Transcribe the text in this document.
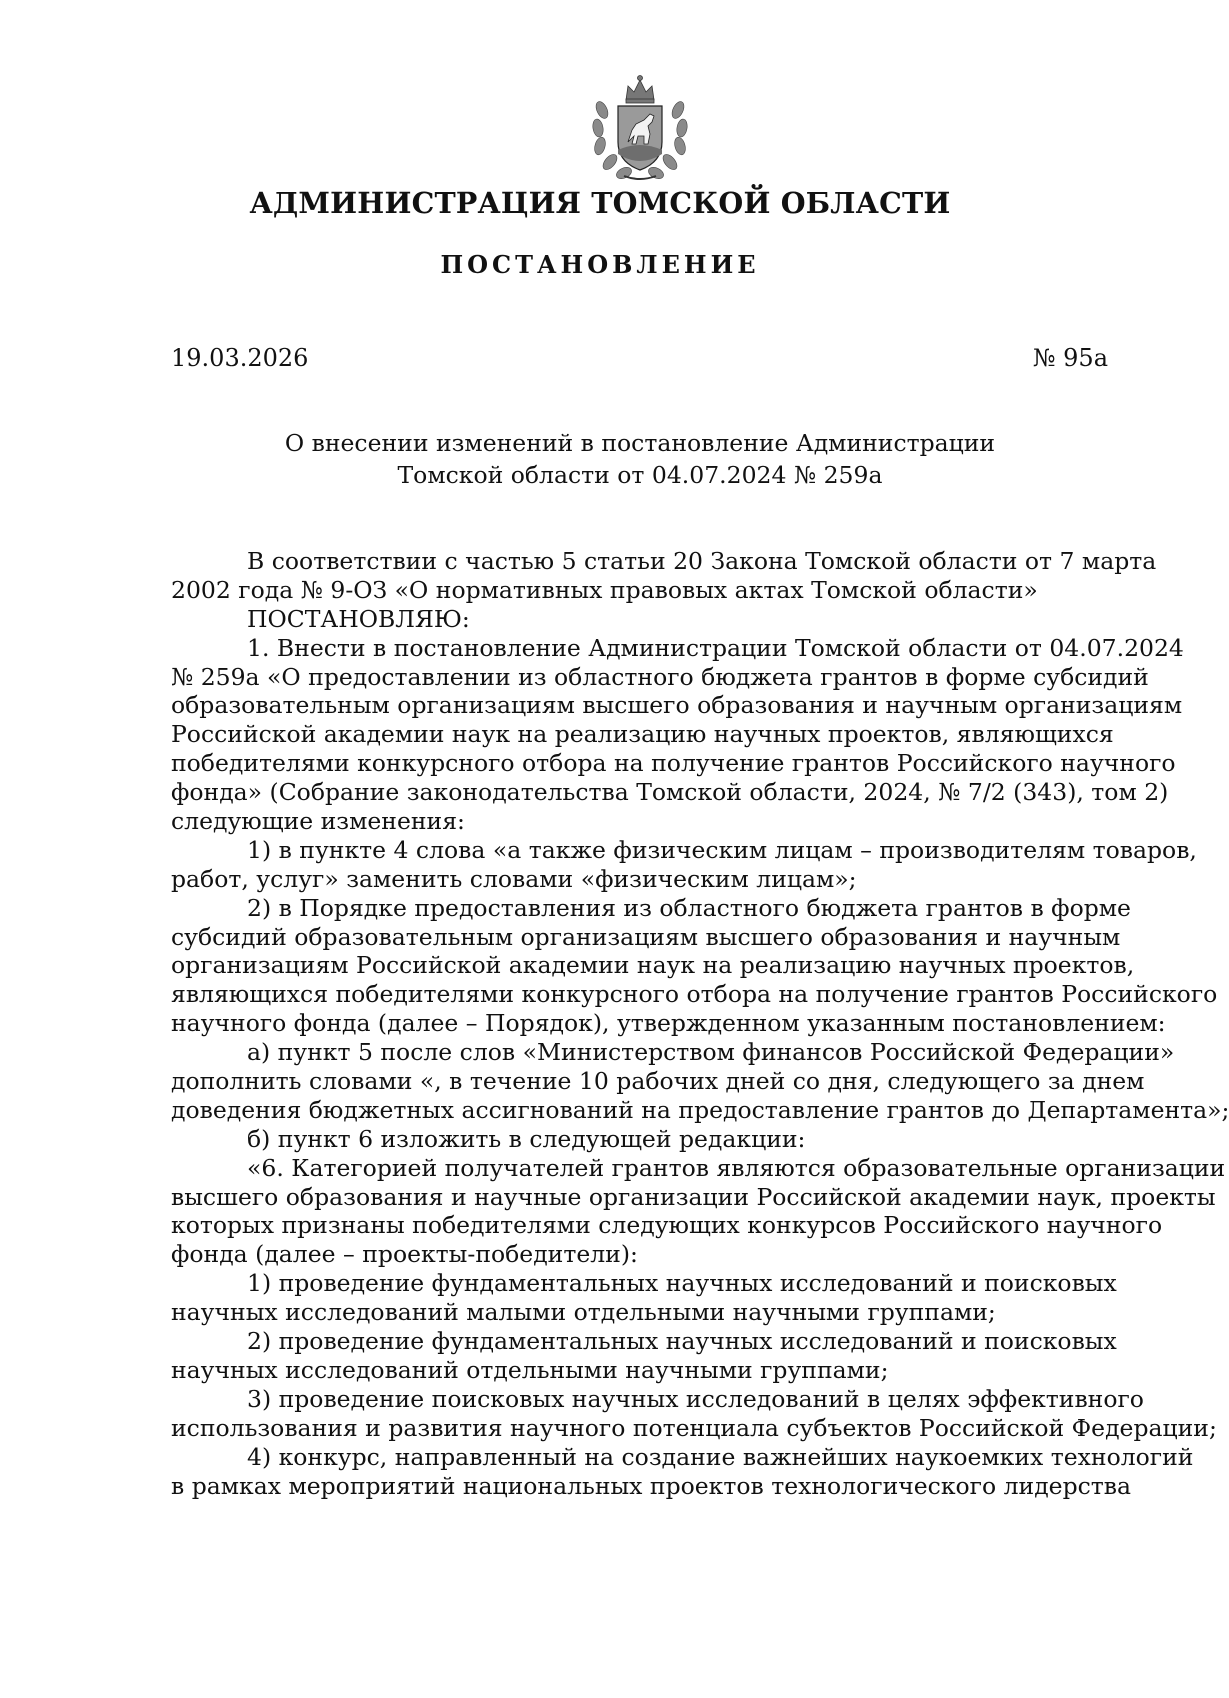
АДМИНИСТРАЦИЯ ТОМСКОЙ ОБЛАСТИ
ПОСТАНОВЛЕНИЕ
19.03.2026	№ 95а
О внесении изменений в постановление Администрации
Томской области от 04.07.2024 № 259а
В соответствии с частью 5 статьи 20 Закона Томской области от 7 марта
2002 года № 9-ОЗ «О нормативных правовых актах Томской области»
ПОСТАНОВЛЯЮ:
1. Внести в постановление Администрации Томской области от 04.07.2024
№ 259а «О предоставлении из областного бюджета грантов в форме субсидий
образовательным организациям высшего образования и научным организациям
Российской академии наук на реализацию научных проектов, являющихся
победителями конкурсного отбора на получение грантов Российского научного
фонда» (Собрание законодательства Томской области, 2024, № 7/2 (343), том 2)
следующие изменения:
1) в пункте 4 слова «а также физическим лицам – производителям товаров,
работ, услуг» заменить словами «физическим лицам»;
2) в Порядке предоставления из областного бюджета грантов в форме
субсидий образовательным организациям высшего образования и научным
организациям Российской академии наук на реализацию научных проектов,
являющихся победителями конкурсного отбора на получение грантов Российского
научного фонда (далее – Порядок), утвержденном указанным постановлением:
а) пункт 5 после слов «Министерством финансов Российской Федерации»
дополнить словами «, в течение 10 рабочих дней со дня, следующего за днем
доведения бюджетных ассигнований на предоставление грантов до Департамента»;
б) пункт 6 изложить в следующей редакции:
«6. Категорией получателей грантов являются образовательные организации
высшего образования и научные организации Российской академии наук, проекты
которых признаны победителями следующих конкурсов Российского научного
фонда (далее – проекты-победители):
1) проведение фундаментальных научных исследований и поисковых
научных исследований малыми отдельными научными группами;
2) проведение фундаментальных научных исследований и поисковых
научных исследований отдельными научными группами;
3) проведение поисковых научных исследований в целях эффективного
использования и развития научного потенциала субъектов Российской Федерации;
4) конкурс, направленный на создание важнейших наукоемких технологий
в рамках мероприятий национальных проектов технологического лидерства
